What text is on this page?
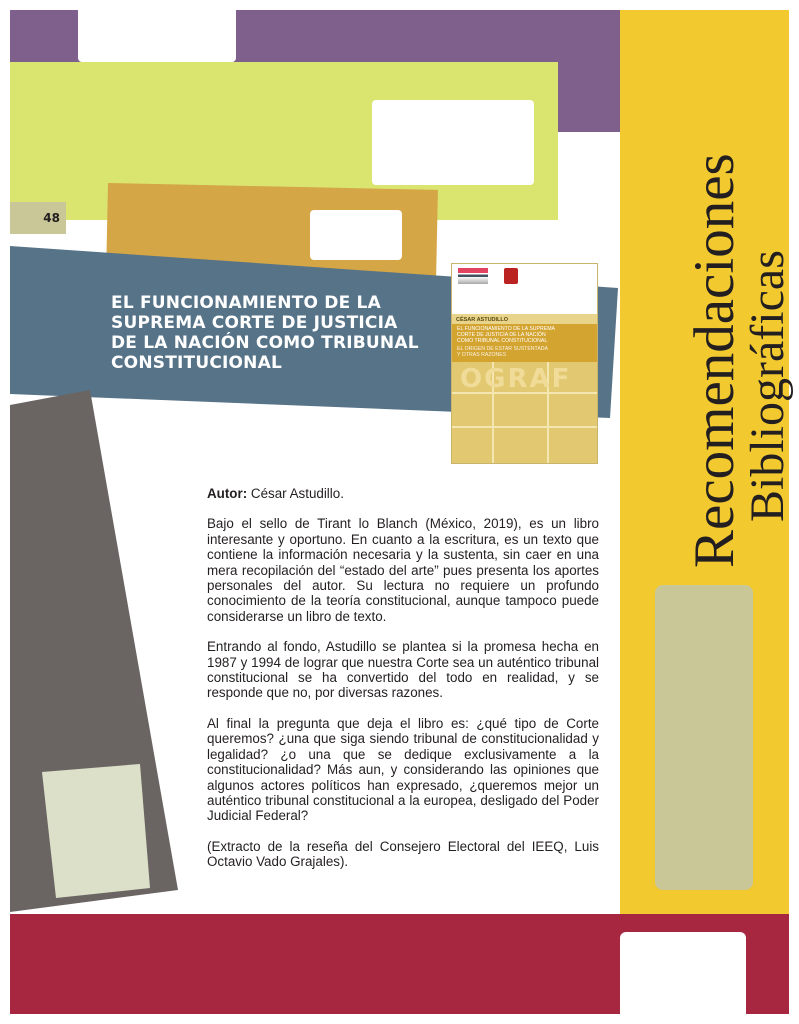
48
EL FUNCIONAMIENTO DE LA
SUPREMA CORTE DE JUSTICIA
DE LA NACIÓN COMO TRIBUNAL
CONSTITUCIONAL	Recomendaciones
Bibliográficas
CÉSAR ASTUDILLO
EL FUNCIONAMIENTO DE LA SUPREMA
CORTE DE JUSTICIA DE LA NACIÓN
COMO TRIBUNAL CONSTITUCIONAL
EL ORIGEN DE ESTAR SUSTENTADA
Y OTRAS RAZONES
OGRAF

Autor: César Astudillo.

Bajo el sello de Tirant lo Blanch (México, 2019), es un libro interesante y oportuno. En cuanto a la escritura, es un texto que contiene la información necesaria y la sustenta, sin caer en una mera recopilación del “estado del arte” pues presenta los aportes personales del autor. Su lectura no requiere un profundo conocimiento de la teoría constitucional, aunque tampoco puede considerarse un libro de texto.

Entrando al fondo, Astudillo se plantea si la promesa hecha en 1987 y 1994 de lograr que nuestra Corte sea un auténtico tribunal constitucional se ha convertido del todo en realidad, y se responde que no, por diversas razones.

Al final la pregunta que deja el libro es: ¿qué tipo de Corte queremos? ¿una que siga siendo tribunal de constitucionalidad y legalidad? ¿o una que se dedique exclusivamente a la constitucionalidad? Más aun, y considerando las opiniones que algunos actores políticos han expresado, ¿queremos mejor un auténtico tribunal constitucional a la europea, desligado del Poder Judicial Federal?

(Extracto de la reseña del Consejero Electoral del IEEQ, Luis Octavio Vado Grajales).
